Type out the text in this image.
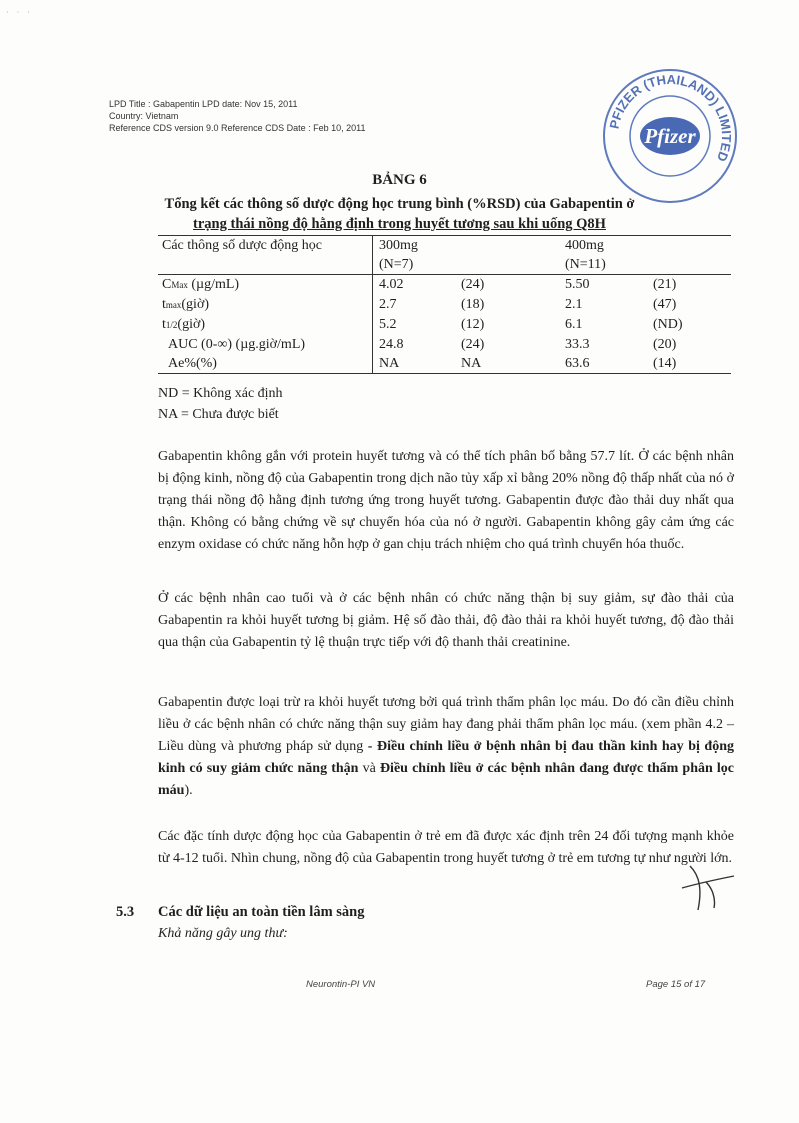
· · ·
LPD Title : Gabapentin LPD date: Nov 15, 2011
Country: Vietnam
Reference CDS version 9.0 Reference CDS Date : Feb 10, 2011	PFIZER (THAILAND) LIMITED
Pfizer
BẢNG 6
Tổng kết các thông số dược động học trung bình (%RSD) của Gabapentin ở
trạng thái nồng độ hằng định trong huyết tương sau khi uống Q8H
Các thông số dược động học	300mg		400mg	
	(N=7)		(N=11)	
CMax (µg/mL)	4.02	(24)	5.50	(21)
tmax(giờ)	2.7	(18)	2.1	(47)
t1/2(giờ)	5.2	(12)	6.1	(ND)
AUC (0-∞) (µg.giờ/mL)	24.8	(24)	33.3	(20)
Ae%(%)	NA	NA	63.6	(14)
ND = Không xác định
NA = Chưa được biết
Gabapentin không gắn với protein huyết tương và có thể tích phân bố bằng 57.7 lít. Ở các bệnh nhân bị động kinh, nồng độ của Gabapentin trong dịch não tủy xấp xỉ bằng 20% nồng độ thấp nhất của nó ở trạng thái nồng độ hằng định tương ứng trong huyết tương. Gabapentin được đào thải duy nhất qua thận. Không có bằng chứng về sự chuyển hóa của nó ở người. Gabapentin không gây cảm ứng các enzym oxidase có chức năng hỗn hợp ở gan chịu trách nhiệm cho quá trình chuyển hóa thuốc.
Ở các bệnh nhân cao tuổi và ở các bệnh nhân có chức năng thận bị suy giảm, sự đào thải của Gabapentin ra khỏi huyết tương bị giảm. Hệ số đào thải, độ đào thải ra khỏi huyết tương, độ đào thải qua thận của Gabapentin tỷ lệ thuận trực tiếp với độ thanh thải creatinine.
Gabapentin được loại trừ ra khỏi huyết tương bởi quá trình thẩm phân lọc máu. Do đó cần điều chỉnh liều ở các bệnh nhân có chức năng thận suy giảm hay đang phải thẩm phân lọc máu. (xem phần 4.2 – Liều dùng và phương pháp sử dụng - Điều chỉnh liều ở bệnh nhân bị đau thần kinh hay bị động kinh có suy giảm chức năng thận và Điều chỉnh liều ở các bệnh nhân đang được thẩm phân lọc máu).
Các đặc tính dược động học của Gabapentin ở trẻ em đã được xác định trên 24 đối tượng mạnh khỏe từ 4-12 tuổi. Nhìn chung, nồng độ của Gabapentin trong huyết tương ở trẻ em tương tự như người lớn.
5.3 Các dữ liệu an toàn tiền lâm sàng
Khả năng gây ung thư:
Neurontin-PI VN	Page 15 of 17
